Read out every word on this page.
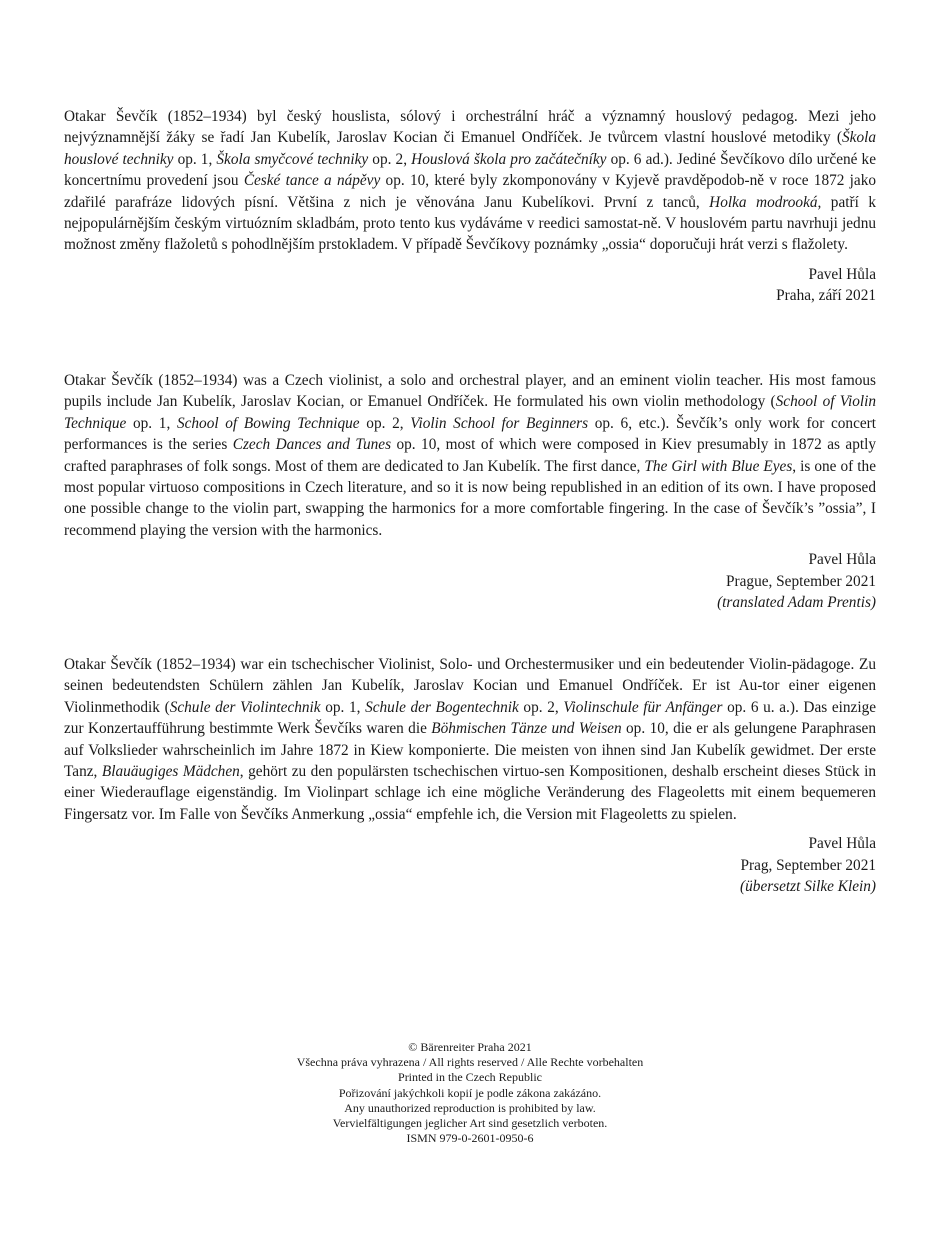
Otakar Ševčík (1852–1934) byl český houslista, sólový i orchestrální hráč a významný houslový pedagog. Mezi jeho nejvýznamnější žáky se řadí Jan Kubelík, Jaroslav Kocian či Emanuel Ondříček. Je tvůrcem vlastní houslové metodiky (Škola houslové techniky op. 1, Škola smyčcové techniky op. 2, Houslová škola pro začátečníky op. 6 ad.). Jediné Ševčíkovo dílo určené ke koncertnímu provedení jsou České tance a nápěvy op. 10, které byly zkomponovány v Kyjevě pravděpodob-ně v roce 1872 jako zdařilé parafráze lidových písní. Většina z nich je věnována Janu Kubelíkovi. První z tanců, Holka modrooká, patří k nejpopulárnějším českým virtuózním skladbám, proto tento kus vydáváme v reedici samostat-ně. V houslovém partu navrhuji jednu možnost změny flažoletů s pohodlnějším prstokladem. V případě Ševčíkovy poznámky „ossia“ doporučuji hrát verzi s flažolety.

Pavel Hůla
Praha, září 2021

Otakar Ševčík (1852–1934) was a Czech violinist, a solo and orchestral player, and an eminent violin teacher. His most famous pupils include Jan Kubelík, Jaroslav Kocian, or Emanuel Ondříček. He formulated his own violin methodology (School of Violin Technique op. 1, School of Bowing Technique op. 2, Violin School for Beginners op. 6, etc.). Ševčík’s only work for concert performances is the series Czech Dances and Tunes op. 10, most of which were composed in Kiev presumably in 1872 as aptly crafted paraphrases of folk songs. Most of them are dedicated to Jan Kubelík. The first dance, The Girl with Blue Eyes, is one of the most popular virtuoso compositions in Czech literature, and so it is now being republished in an edition of its own. I have proposed one possible change to the violin part, swapping the harmonics for a more comfortable fingering. In the case of Ševčík’s ”ossia”, I recommend playing the version with the harmonics.

Pavel Hůla
Prague, September 2021
(translated Adam Prentis)

Otakar Ševčík (1852–1934) war ein tschechischer Violinist, Solo- und Orchestermusiker und ein bedeutender Violin-pädagoge. Zu seinen bedeutendsten Schülern zählen Jan Kubelík, Jaroslav Kocian und Emanuel Ondříček. Er ist Au-tor einer eigenen Violinmethodik (Schule der Violintechnik op. 1, Schule der Bogentechnik op. 2, Violinschule für Anfänger op. 6 u. a.). Das einzige zur Konzertaufführung bestimmte Werk Ševčíks waren die Böhmischen Tänze und Weisen op. 10, die er als gelungene Paraphrasen auf Volkslieder wahrscheinlich im Jahre 1872 in Kiew komponierte. Die meisten von ihnen sind Jan Kubelík gewidmet. Der erste Tanz, Blauäugiges Mädchen, gehört zu den populärsten tschechischen virtuo-sen Kompositionen, deshalb erscheint dieses Stück in einer Wiederauflage eigenständig. Im Violinpart schlage ich eine mögliche Veränderung des Flageoletts mit einem bequemeren Fingersatz vor. Im Falle von Ševčíks Anmerkung „ossia“ empfehle ich, die Version mit Flageoletts zu spielen.

Pavel Hůla
Prag, September 2021
(übersetzt Silke Klein)
© Bärenreiter Praha 2021
Všechna práva vyhrazena / All rights reserved / Alle Rechte vorbehalten
Printed in the Czech Republic
Pořizování jakýchkoli kopií je podle zákona zakázáno.
Any unauthorized reproduction is prohibited by law.
Vervielfältigungen jeglicher Art sind gesetzlich verboten.
ISMN 979-0-2601-0950-6
